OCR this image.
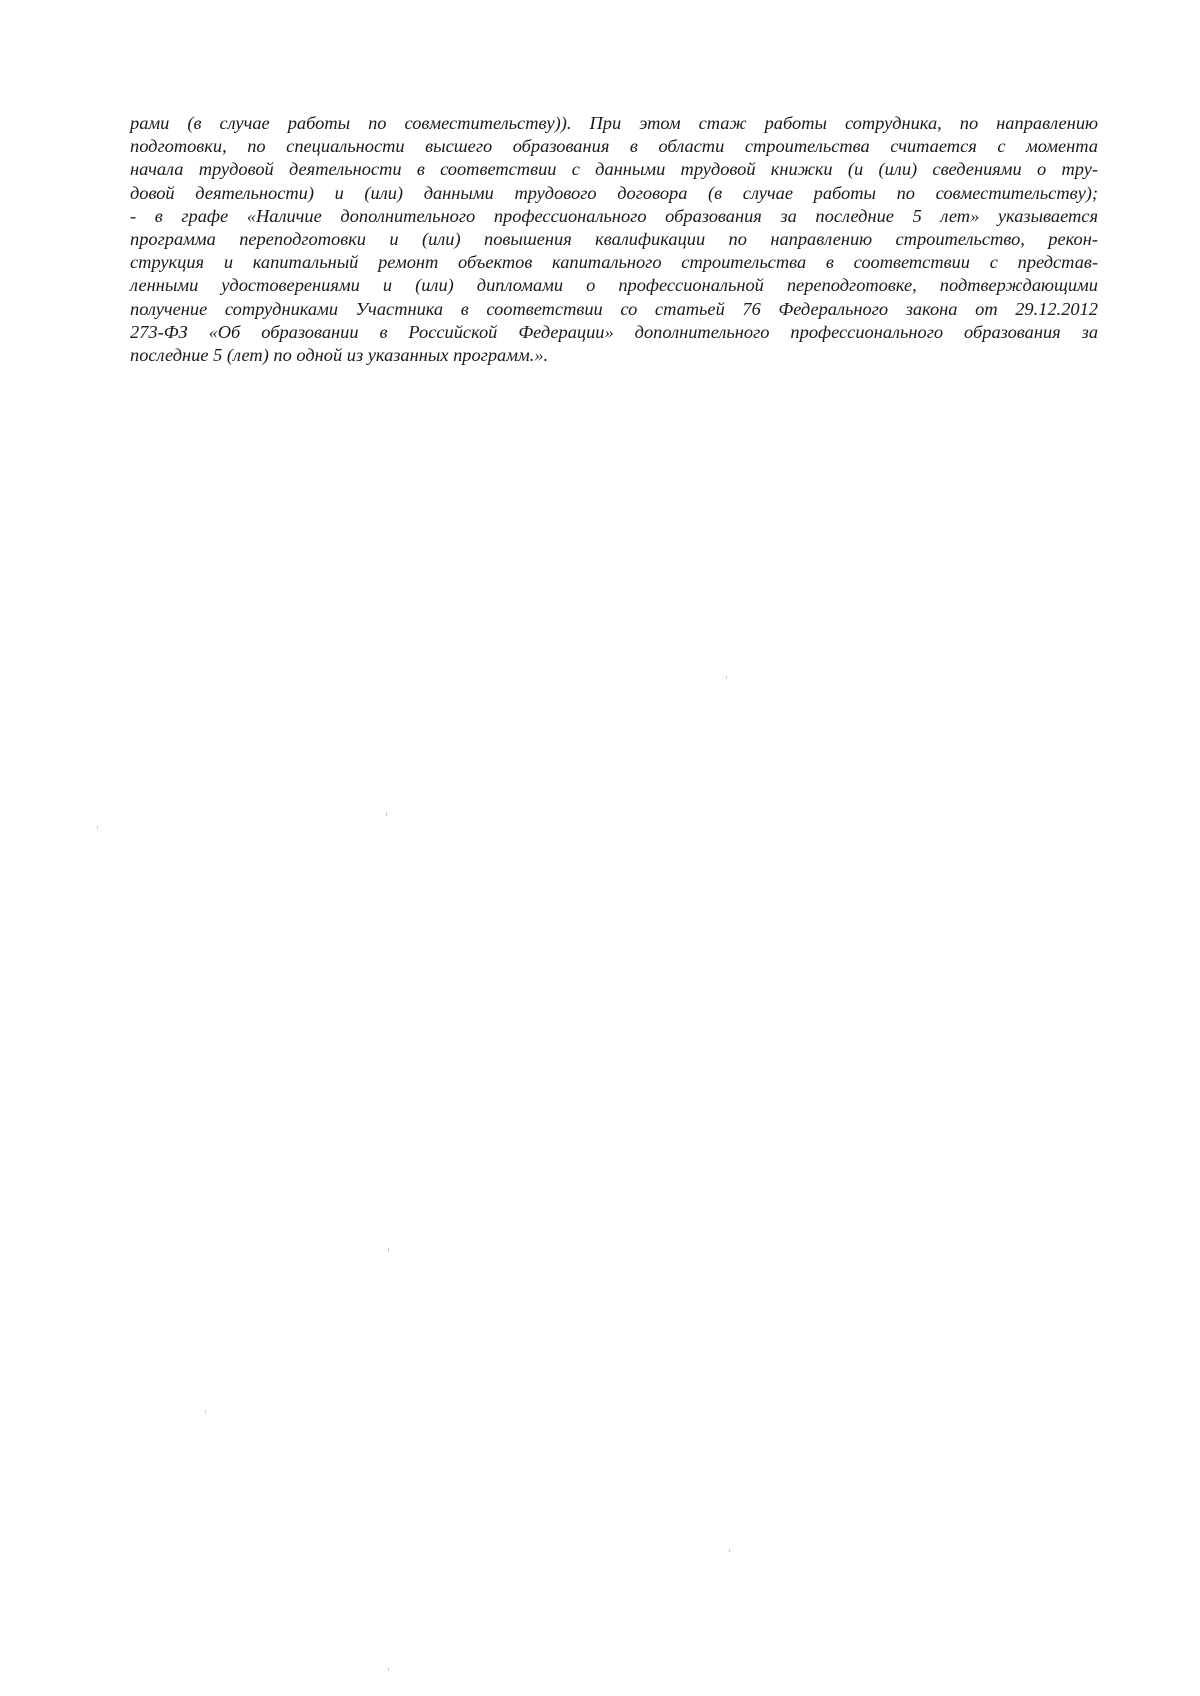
рами (в случае работы по совместительству)). При этом стаж работы сотрудника, по направлению
подготовки, по специальности высшего образования в области строительства считается с момента
начала трудовой деятельности в соответствии с данными трудовой книжки (и (или) сведениями о тру-
довой деятельности) и (или) данными трудового договора (в случае работы по совместительству);
- в графе «Наличие дополнительного профессионального образования за последние 5 лет» указывается
программа переподготовки и (или) повышения квалификации по направлению строительство, рекон-
струкция и капитальный ремонт объектов капитального строительства в соответствии с представ-
ленными удостоверениями и (или) дипломами о профессиональной переподготовке, подтверждающими
получение сотрудниками Участника в соответствии со статьей 76 Федерального закона от 29.12.2012
273-ФЗ «Об образовании в Российской Федерации» дополнительного профессионального образования за
последние 5 (лет) по одной из указанных программ.».
